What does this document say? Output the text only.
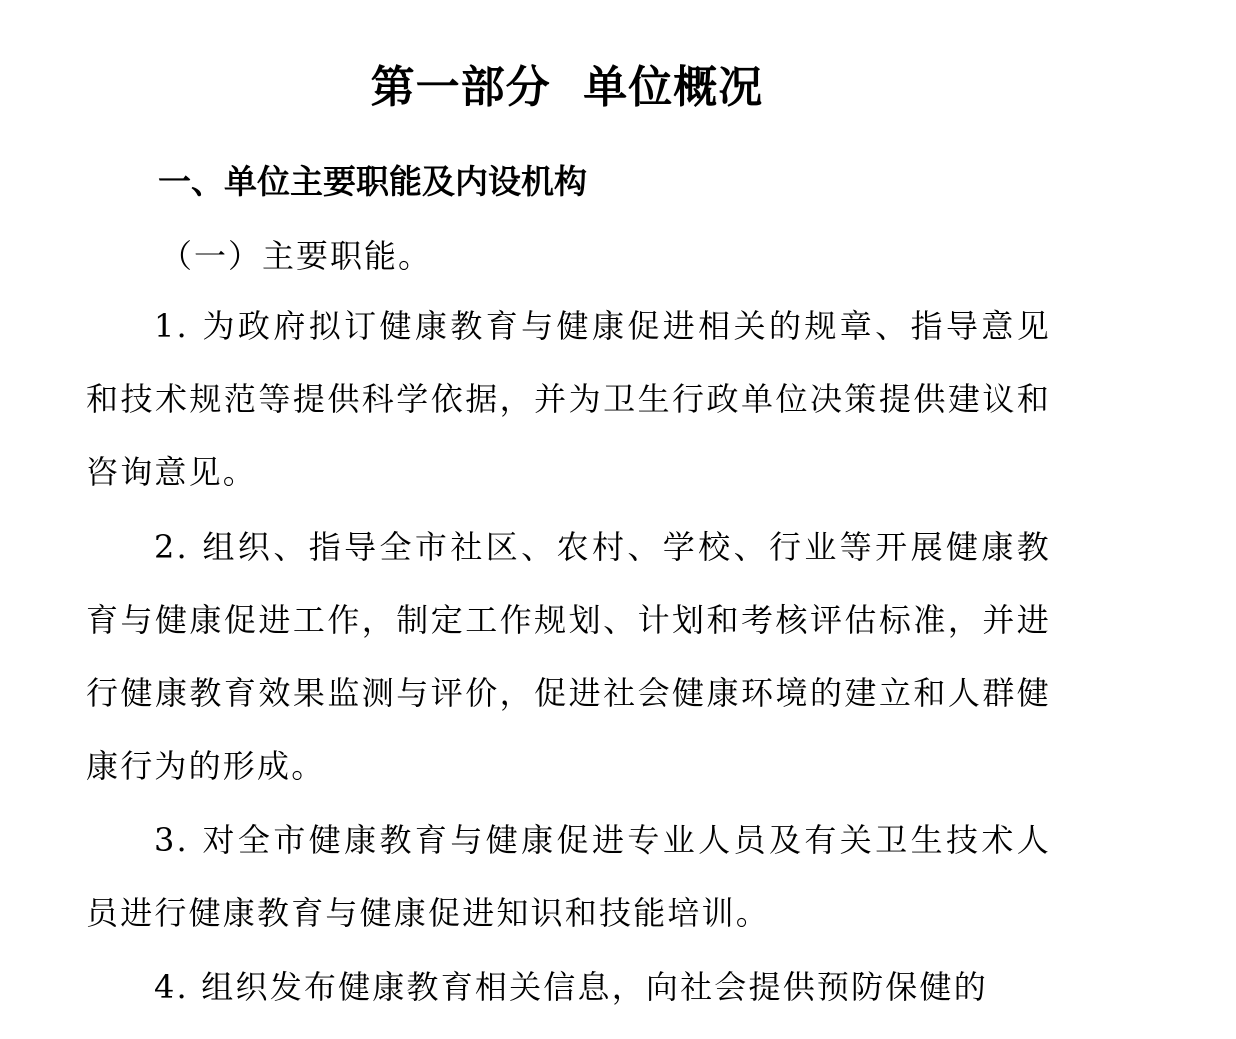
第一部分  单位概况
一、单位主要职能及内设机构
（一）主要职能。

1. 为政府拟订健康教育与健康促进相关的规章、指导意见和技术规范等提供科学依据，并为卫生行政单位决策提供建议和咨询意见。

2. 组织、指导全市社区、农村、学校、行业等开展健康教育与健康促进工作，制定工作规划、计划和考核评估标准，并进行健康教育效果监测与评价，促进社会健康环境的建立和人群健康行为的形成。

3. 对全市健康教育与健康促进专业人员及有关卫生技术人员进行健康教育与健康促进知识和技能培训。

4. 组织发布健康教育相关信息，向社会提供预防保健的
